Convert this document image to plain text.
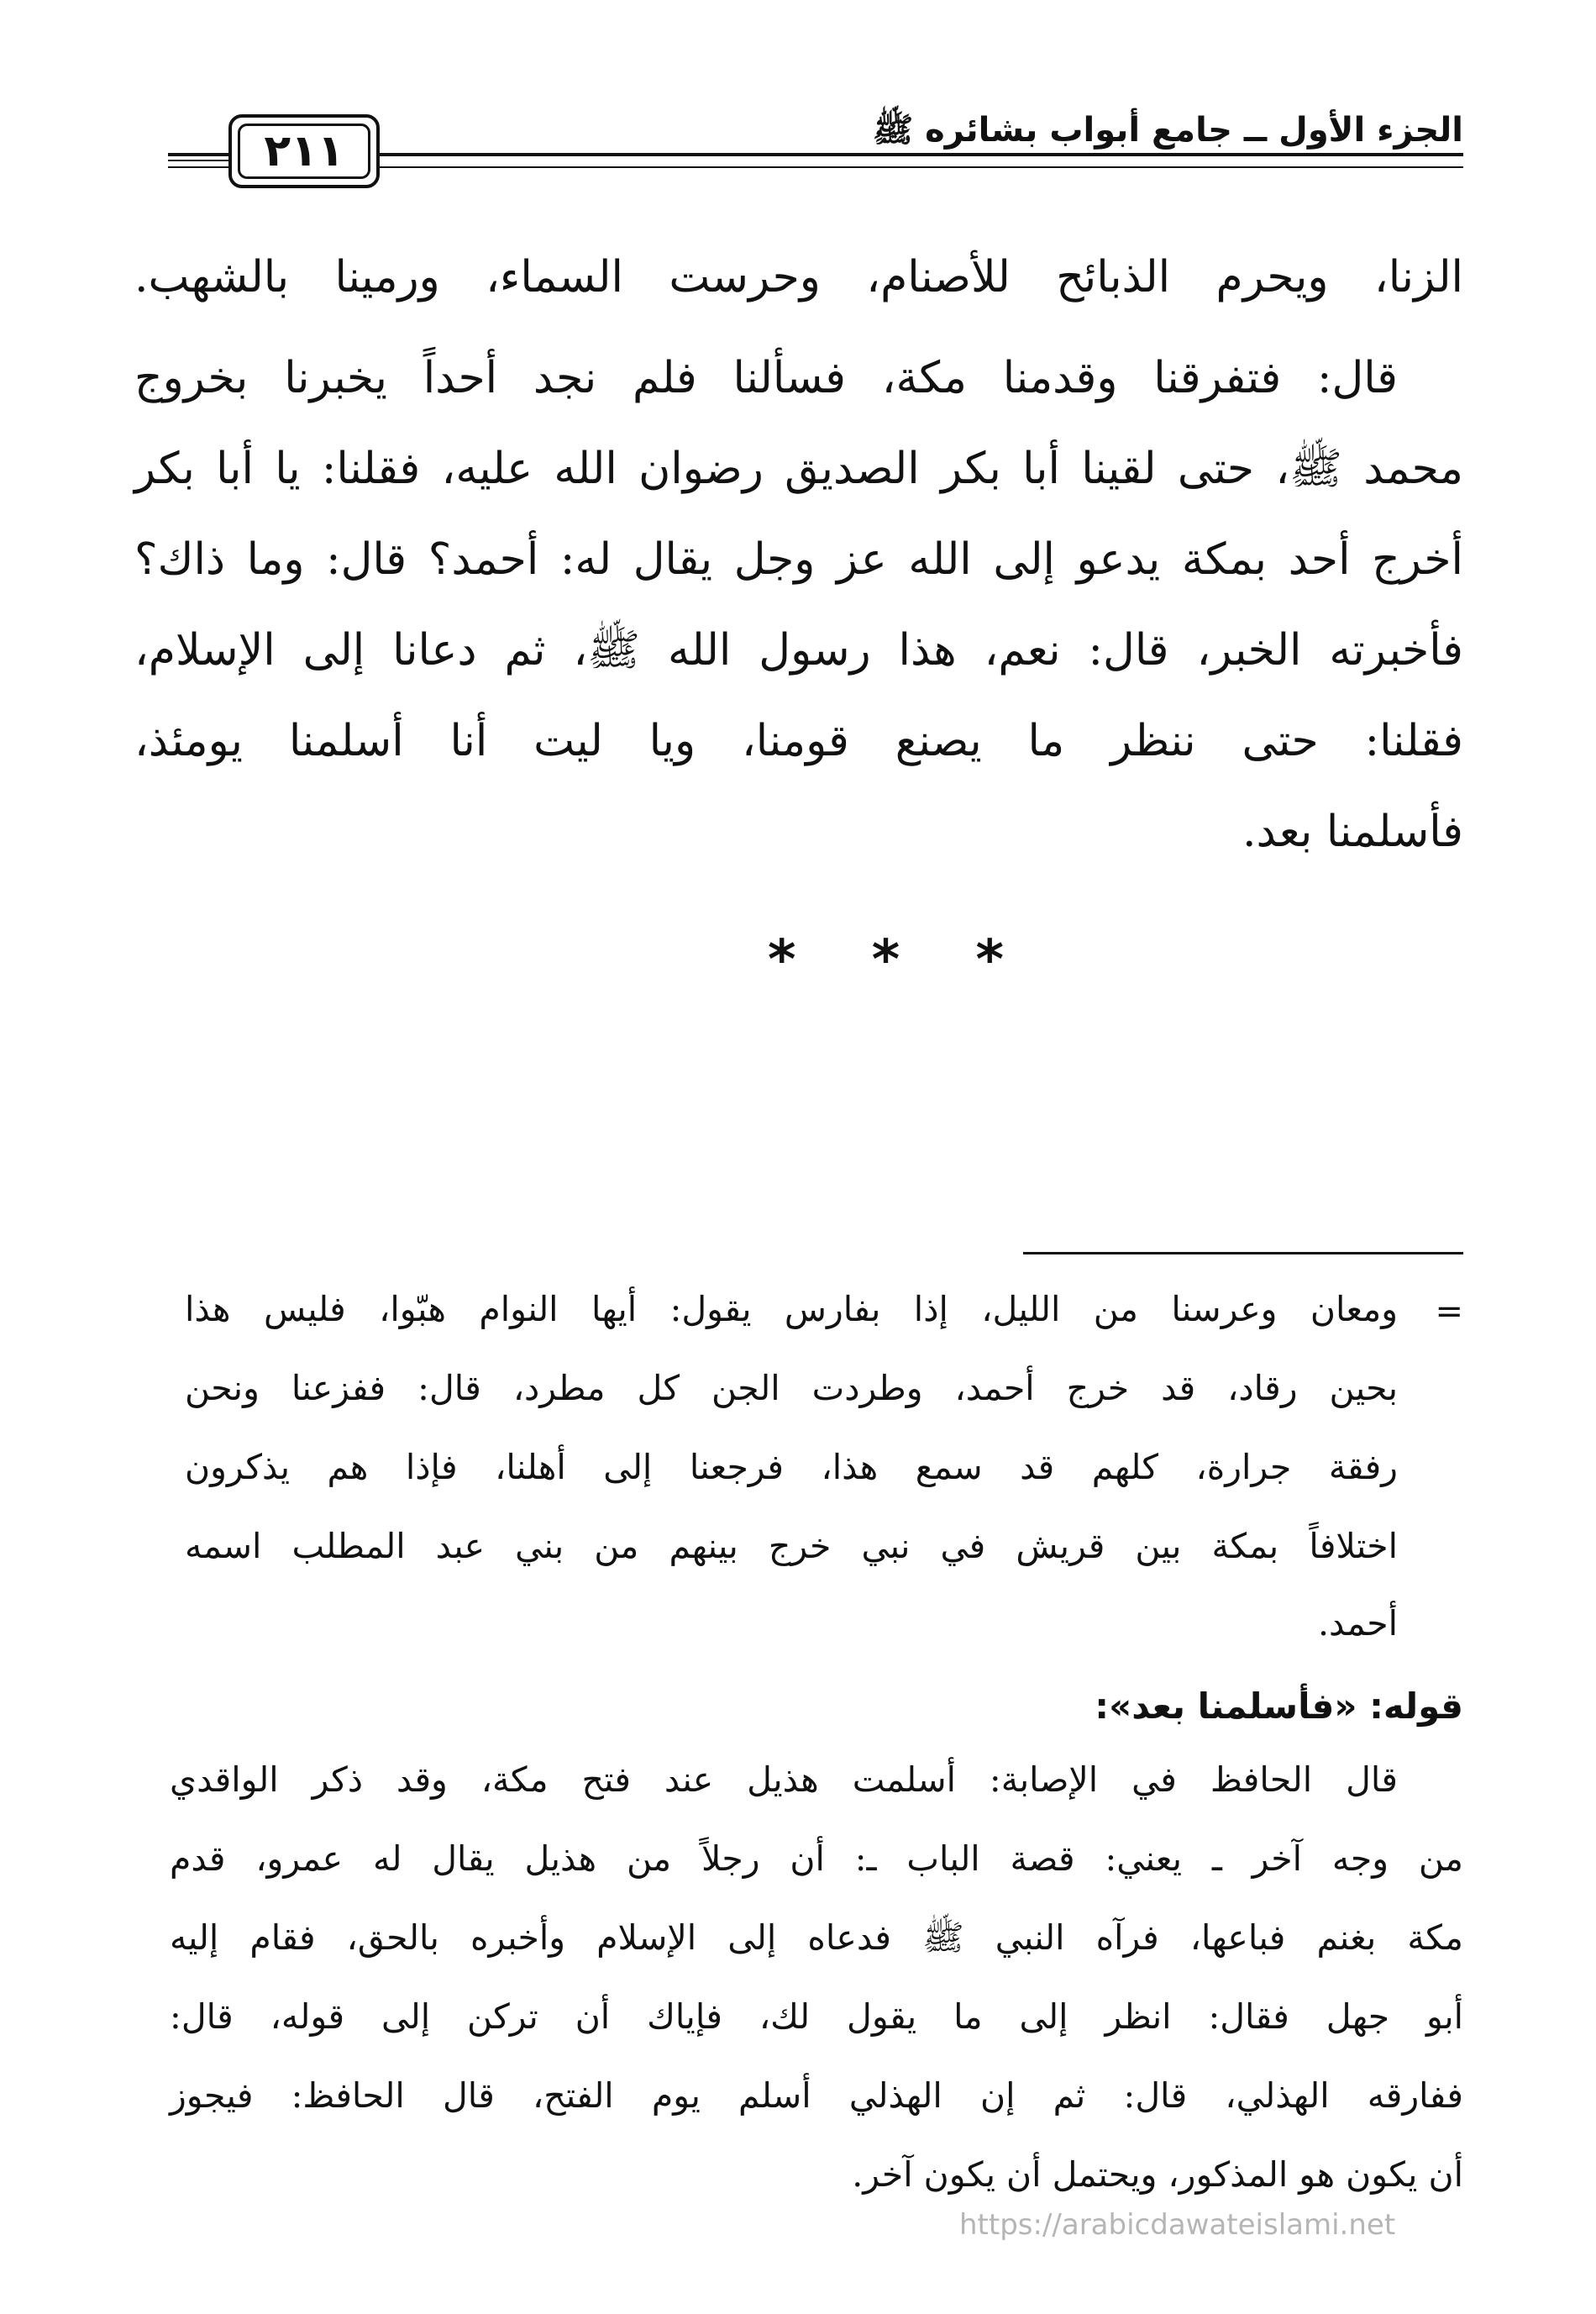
الجزء الأول ــ جامع أبواب بشائره ﷺ
٢١١
الزنا، ويحرم الذبائح للأصنام، وحرست السماء، ورمينا بالشهب.
قال: فتفرقنا وقدمنا مكة، فسألنا فلم نجد أحداً يخبرنا بخروج
محمد ﷺ، حتى لقينا أبا بكر الصديق رضوان الله عليه، فقلنا: يا أبا بكر
أخرج أحد بمكة يدعو إلى الله عز وجل يقال له: أحمد؟ قال: وما ذاك؟
فأخبرته الخبر، قال: نعم، هذا رسول الله ﷺ، ثم دعانا إلى الإسلام،
فقلنا: حتى ننظر ما يصنع قومنا، ويا ليت أنا أسلمنا يومئذ،
فأسلمنا بعد.
* * *
=
ومعان وعرسنا من الليل، إذا بفارس يقول: أيها النوام هبّوا، فليس هذا
بحين رقاد، قد خرج أحمد، وطردت الجن كل مطرد، قال: ففزعنا ونحن
رفقة جرارة، كلهم قد سمع هذا، فرجعنا إلى أهلنا، فإذا هم يذكرون
اختلافاً بمكة بين قريش في نبي خرج بينهم من بني عبد المطلب اسمه
أحمد.
قوله: «فأسلمنا بعد»:
قال الحافظ في الإصابة: أسلمت هذيل عند فتح مكة، وقد ذكر الواقدي
من وجه آخر ـ يعني: قصة الباب ـ: أن رجلاً من هذيل يقال له عمرو، قدم
مكة بغنم فباعها، فرآه النبي ﷺ فدعاه إلى الإسلام وأخبره بالحق، فقام إليه
أبو جهل فقال: انظر إلى ما يقول لك، فإياك أن تركن إلى قوله، قال:
ففارقه الهذلي، قال: ثم إن الهذلي أسلم يوم الفتح، قال الحافظ: فيجوز
أن يكون هو المذكور، ويحتمل أن يكون آخر.
https://arabicdawateislami.net
